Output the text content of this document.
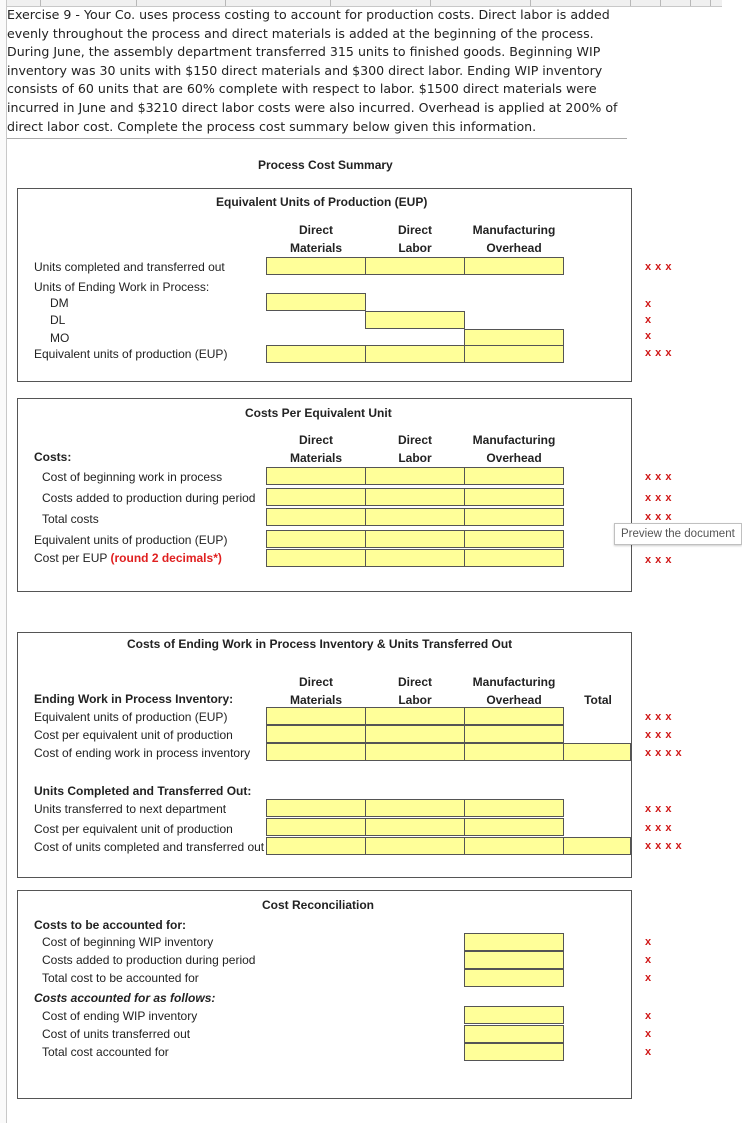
Exercise 9 - Your Co. uses process costing to account for production costs. Direct labor is added evenly throughout the process and direct materials is added at the beginning of the process. During June, the assembly department transferred 315 units to finished goods. Beginning WIP inventory was 30 units with $150 direct materials and $300 direct labor. Ending WIP inventory consists of 60 units that are 60% complete with respect to labor. $1500 direct materials were incurred in June and $3210 direct labor costs were also incurred. Overhead is applied at 200% of direct labor cost. Complete the process cost summary below given this information.
Process Cost Summary
Equivalent Units of Production (EUP)
Direct
Materials
Direct
Labor
Manufacturing
Overhead
Units completed and transferred out
Units of Ending Work in Process:
DM
DL
MO
Equivalent units of production (EUP)
x x x
x
x
x
x x x
Costs Per Equivalent Unit
Direct
Materials
Direct
Labor
Manufacturing
Overhead
Costs:
Cost of beginning work in process
Costs added to production during period
Total costs
Equivalent units of production (EUP)
Cost per EUP (round 2 decimals*)
x x x
x x x
x x x
x x x
Preview the document
Costs of Ending Work in Process Inventory & Units Transferred Out
Direct
Materials
Direct
Labor
Manufacturing
Overhead	Total
Ending Work in Process Inventory:
Equivalent units of production (EUP)
Cost per equivalent unit of production
Cost of ending work in process inventory
Units Completed and Transferred Out:
Units transferred to next department
Cost per equivalent unit of production
Cost of units completed and transferred out
x x x
x x x
x x x x
x x x
x x x
x x x x
Cost Reconciliation
Costs to be accounted for:
Cost of beginning WIP inventory
Costs added to production during period
Total cost to be accounted for
Costs accounted for as follows:
Cost of ending WIP inventory
Cost of units transferred out
Total cost accounted for
x
x
x
x
x
x
